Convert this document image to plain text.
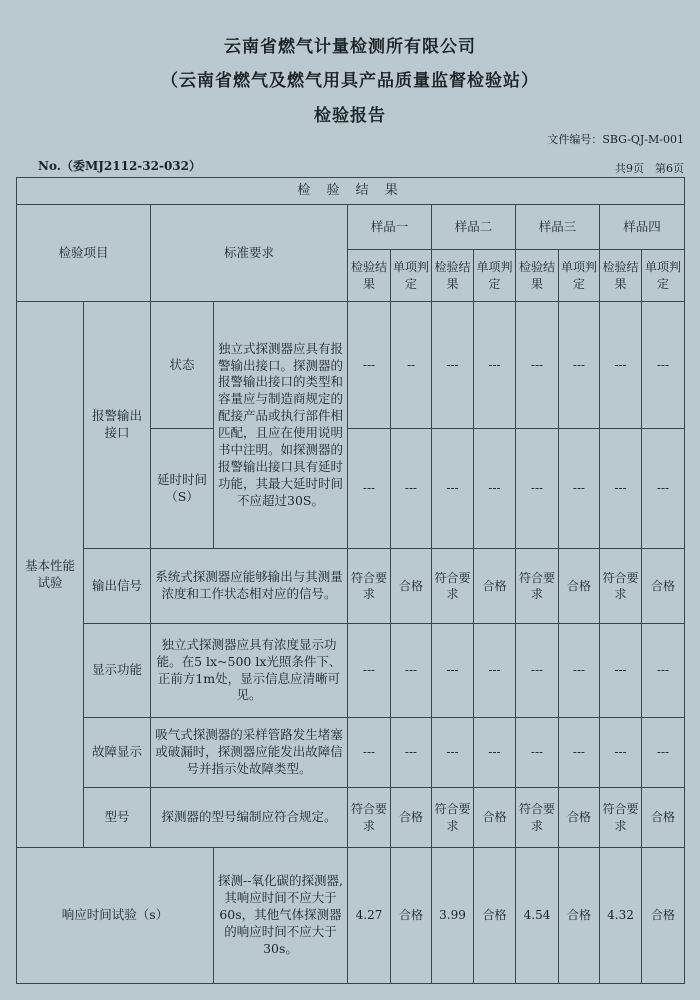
云南省燃气计量检测所有限公司
（云南省燃气及燃气用具产品质量监督检验站）
检验报告
文件编号：SBG-QJ-M-001
No.（委MJ2112-32-032）	共9页　第6页
检 验 结 果											
检验项目		标准要求		样品一		样品二		样品三		样品四	
				检验结果	单项判定	检验结果	单项判定	检验结果	单项判定	检验结果	单项判定
基本性能试验	报警输出接口	状态	独立式探测器应具有报警输出接口。探测器的报警输出接口的类型和容量应与制造商规定的配接产品或执行部件相匹配，且应在使用说明书中注明。如探测器的报警输出接口具有延时功能，其最大延时时间不应超过30S。	---	--	---	---	---	---	---	---
		延时时间（S）		---	---	---	---	---	---	---	---
	输出信号	系统式探测器应能够输出与其测量浓度和工作状态相对应的信号。		符合要求	合格	符合要求	合格	符合要求	合格	符合要求	合格
	显示功能	独立式探测器应具有浓度显示功能。在5 lx~500 lx光照条件下、正前方1m处，显示信息应清晰可见。		---	---	---	---	---	---	---	---
	故障显示	吸气式探测器的采样管路发生堵塞或破漏时，探测器应能发出故障信号并指示处故障类型。		---	---	---	---	---	---	---	---
	型号	探测器的型号编制应符合规定。		符合要求	合格	符合要求	合格	符合要求	合格	符合要求	合格
响应时间试验（s）			探测--氧化碳的探测器,其响应时间不应大于60s，其他气体探测器的响应时间不应大于30s。	4.27	合格	3.99	合格	4.54	合格	4.32	合格
